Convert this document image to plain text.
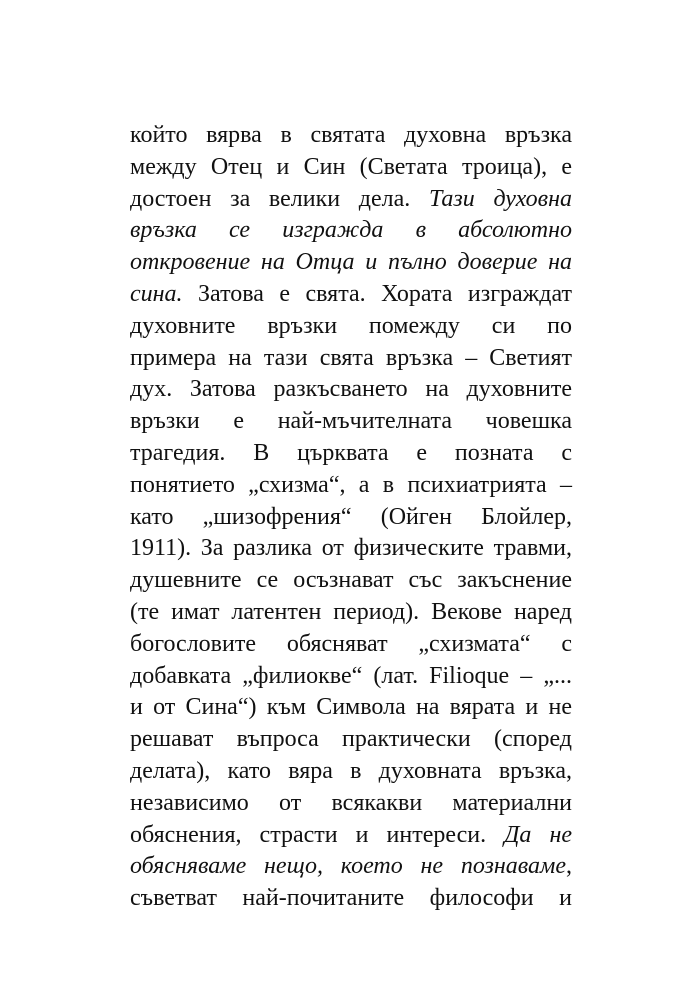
който вярва в святата духовна връзка
между Отец и Син (Светата троица), е
достоен за велики дела. Тази духовна
връзка се изгражда в абсолютно
откровение на Отца и пълно доверие на
сина. Затова е свята. Хората изграждат
духовните връзки помежду си по
примера на тази свята връзка – Светият
дух. Затова разкъсването на духовните
връзки е най-мъчителната човешка
трагедия. В църквата е позната с
понятието „схизма“, а в психиатрията –
като „шизофрения“ (Ойген Блойлер,
1911). За разлика от физическите травми,
душевните се осъзнават със закъснение
(те имат латентен период). Векове наред
богословите обясняват „схизмата“ с
добавката „филиокве“ (лат. Filioque – „...
и от Сина“) към Символа на вярата и не
решават въпроса практически (според
делата), като вяра в духовната връзка,
независимо от всякакви материални
обяснения, страсти и интереси. Да не
обясняваме нещо, което не познаваме,
съветват най-почитаните философи и
